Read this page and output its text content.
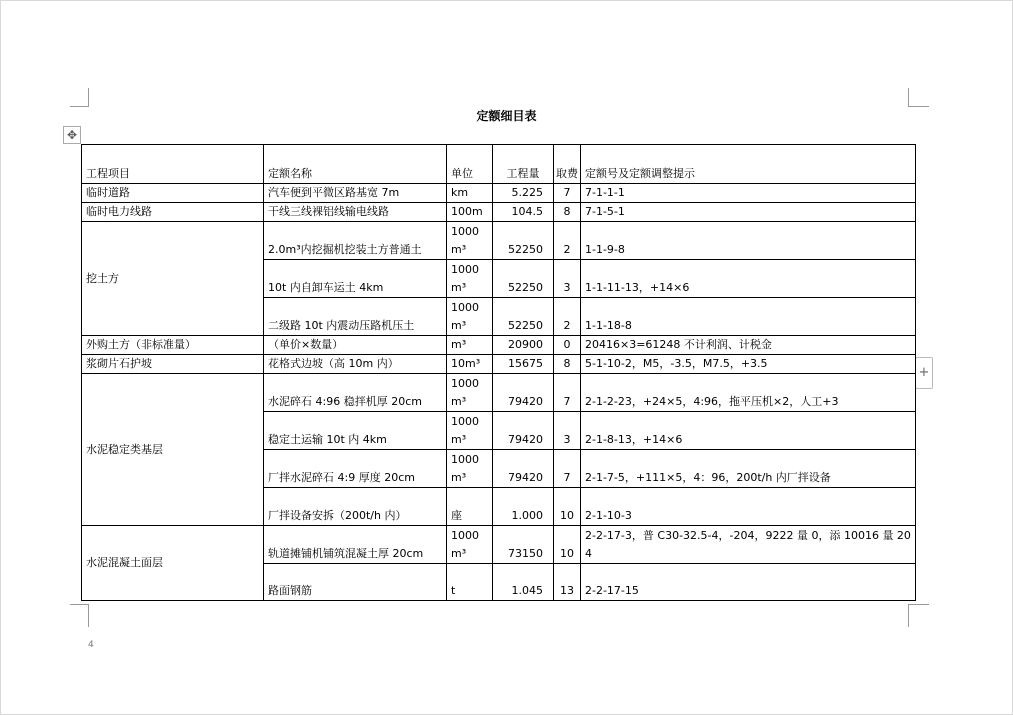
✥
+
定额细目表
工程项目	定额名称	单位	工程量	取费	定额号及定额调整提示
临时道路	汽车便到平微区路基宽 7m	km	5.225	7	7-1-1-1
临时电力线路	干线三线裸铝线输电线路	100m	104.5	8	7-1-5-1
挖土方	2.0m³内挖掘机挖装土方普通土	1000 m³	52250	2	1-1-9-8
	10t 内自卸车运土 4km	1000 m³	52250	3	1-1-11-13，+14×6
	二级路 10t 内震动压路机压土	1000 m³	52250	2	1-1-18-8
外购土方（非标准量）	（单价×数量）	m³	20900	0	20416×3=61248 不计利润、计税金
浆砌片石护坡	花格式边坡（高 10m 内）	10m³	15675	8	5-1-10-2，M5，-3.5，M7.5，+3.5
水泥稳定类基层	水泥碎石 4:96 稳拌机厚 20cm	1000 m³	79420	7	2-1-2-23，+24×5，4:96，拖平压机×2，人工+3
	稳定土运输 10t 内 4km	1000 m³	79420	3	2-1-8-13，+14×6
	厂拌水泥碎石 4:9 厚度 20cm	1000 m³	79420	7	2-1-7-5，+111×5，4：96，200t/h 内厂拌设备
	厂拌设备安拆（200t/h 内）	座	1.000	10	2-1-10-3
水泥混凝土面层	轨道摊铺机铺筑混凝土厚 20cm	1000 m³	73150	10	2-2-17-3，普 C30-32.5-4，-204，9222 量 0，添 10016 量 204
	路面钢筋	t	1.045	13	2-2-17-15
4
